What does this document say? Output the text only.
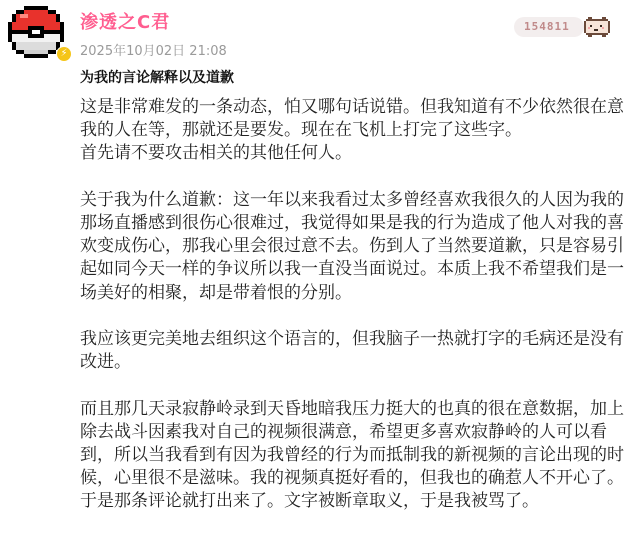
⚡
渗透之C君
2025年10月02日 21:08
154811
为我的言论解释以及道歉
这是非常难发的一条动态，怕又哪句话说错。但我知道有不少依然很在意
我的人在等，那就还是要发。现在在飞机上打完了这些字。
首先请不要攻击相关的其他任何人。
关于我为什么道歉：这一年以来我看过太多曾经喜欢我很久的人因为我的
那场直播感到很伤心很难过，我觉得如果是我的行为造成了他人对我的喜
欢变成伤心，那我心里会很过意不去。伤到人了当然要道歉，只是容易引
起如同今天一样的争议所以我一直没当面说过。本质上我不希望我们是一
场美好的相聚，却是带着恨的分别。
我应该更完美地去组织这个语言的，但我脑子一热就打字的毛病还是没有
改进。
而且那几天录寂静岭录到天昏地暗我压力挺大的也真的很在意数据，加上
除去战斗因素我对自己的视频很满意，希望更多喜欢寂静岭的人可以看
到，所以当我看到有因为我曾经的行为而抵制我的新视频的言论出现的时
候，心里很不是滋味。我的视频真挺好看的，但我也的确惹人不开心了。
于是那条评论就打出来了。文字被断章取义，于是我被骂了。
